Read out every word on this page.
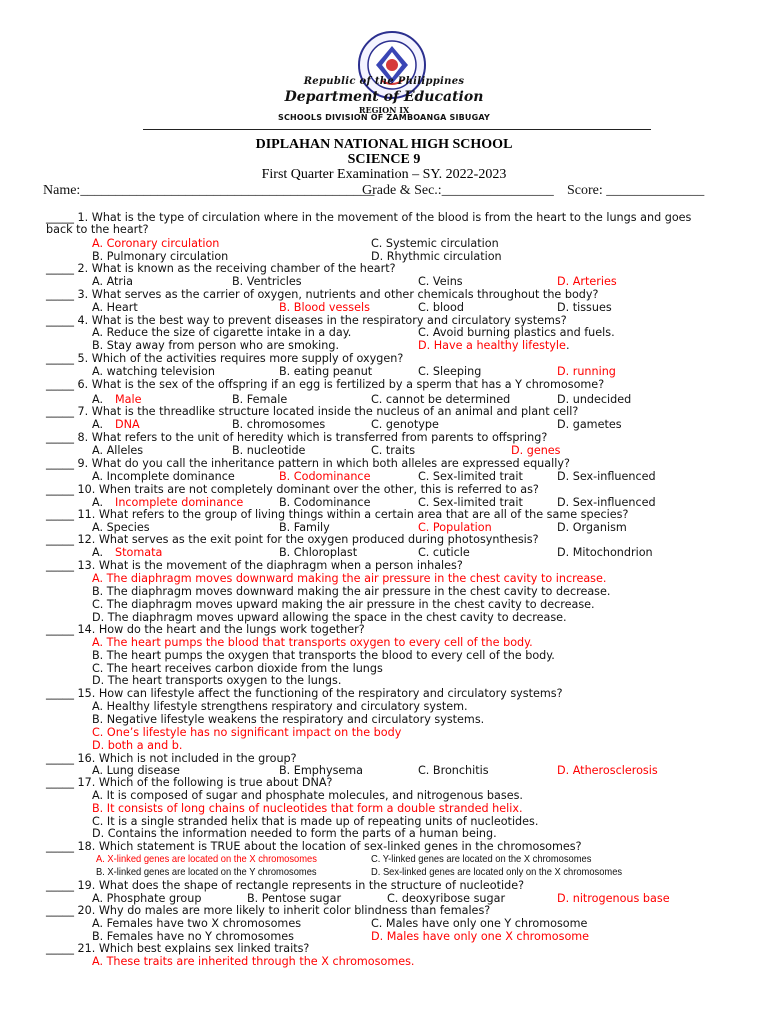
Republic of the Philippines
Department of Education
REGION IX
SCHOOLS DIVISION OF ZAMBOANGA SIBUGAY
DIPLAHAN NATIONAL HIGH SCHOOL
SCIENCE 9
First Quarter Examination – SY. 2022-2023
Name:__________________________________________
Grade & Sec.:________________ Score: ______________
_____ 1. What is the type of circulation where in the movement of the blood is from the heart to the lungs and goes
back to the heart?
A. Coronary circulation	C. Systemic circulation
B. Pulmonary circulation	D. Rhythmic circulation
_____ 2. What is known as the receiving chamber of the heart?
A. Atria	B. Ventricles	C. Veins	D. Arteries
_____ 3. What serves as the carrier of oxygen, nutrients and other chemicals throughout the body?
A. Heart	B. Blood vessels	C. blood	D. tissues
_____ 4. What is the best way to prevent diseases in the respiratory and circulatory systems?
A. Reduce the size of cigarette intake in a day.	C. Avoid burning plastics and fuels.
B. Stay away from person who are smoking.	D. Have a healthy lifestyle.
_____ 5. Which of the activities requires more supply of oxygen?
A. watching television	B. eating peanut	C. Sleeping	D. running
_____ 6. What is the sex of the offspring if an egg is fertilized by a sperm that has a Y chromosome?
A. Male	B. Female	C. cannot be determined	D. undecided
_____ 7. What is the threadlike structure located inside the nucleus of an animal and plant cell?
A. DNA	B. chromosomes	C. genotype	D. gametes
_____ 8. What refers to the unit of heredity which is transferred from parents to offspring?
A. Alleles	B. nucleotide	C. traits	D. genes
_____ 9. What do you call the inheritance pattern in which both alleles are expressed equally?
A. Incomplete dominance	B. Codominance	C. Sex-limited trait	D. Sex-influenced
_____ 10. When traits are not completely dominant over the other, this is referred to as?
A. Incomplete dominance	B. Codominance	C. Sex-limited trait	D. Sex-influenced
_____ 11. What refers to the group of living things within a certain area that are all of the same species?
A. Species	B. Family	C. Population	D. Organism
_____ 12. What serves as the exit point for the oxygen produced during photosynthesis?
A. Stomata	B. Chloroplast	C. cuticle	D. Mitochondrion
_____ 13. What is the movement of the diaphragm when a person inhales?
A. The diaphragm moves downward making the air pressure in the chest cavity to increase.
B. The diaphragm moves downward making the air pressure in the chest cavity to decrease.
C. The diaphragm moves upward making the air pressure in the chest cavity to decrease.
D. The diaphragm moves upward allowing the space in the chest cavity to decrease.
_____ 14. How do the heart and the lungs work together?
A. The heart pumps the blood that transports oxygen to every cell of the body.
B. The heart pumps the oxygen that transports the blood to every cell of the body.
C. The heart receives carbon dioxide from the lungs
D. The heart transports oxygen to the lungs.
_____ 15. How can lifestyle affect the functioning of the respiratory and circulatory systems?
A. Healthy lifestyle strengthens respiratory and circulatory system.
B. Negative lifestyle weakens the respiratory and circulatory systems.
C. One’s lifestyle has no significant impact on the body
D. both a and b.
_____ 16. Which is not included in the group?
A. Lung disease	B. Emphysema	C. Bronchitis	D. Atherosclerosis
_____ 17. Which of the following is true about DNA?
A. It is composed of sugar and phosphate molecules, and nitrogenous bases.
B. It consists of long chains of nucleotides that form a double stranded helix.
C. It is a single stranded helix that is made up of repeating units of nucleotides.
D. Contains the information needed to form the parts of a human being.
_____ 18. Which statement is TRUE about the location of sex-linked genes in the chromosomes?
A. X-linked genes are located on the X chromosomes	C. Y-linked genes are located on the X chromosomes
B. X-linked genes are located on the Y chromosomes	D. Sex-linked genes are located only on the X chromosomes
_____ 19. What does the shape of rectangle represents in the structure of nucleotide?
A. Phosphate group	B. Pentose sugar	C. deoxyribose sugar	D. nitrogenous base
_____ 20. Why do males are more likely to inherit color blindness than females?
A. Females have two X chromosomes	C. Males have only one Y chromosome
B. Females have no Y chromosomes	D. Males have only one X chromosome
_____ 21. Which best explains sex linked traits?
A. These traits are inherited through the X chromosomes.
